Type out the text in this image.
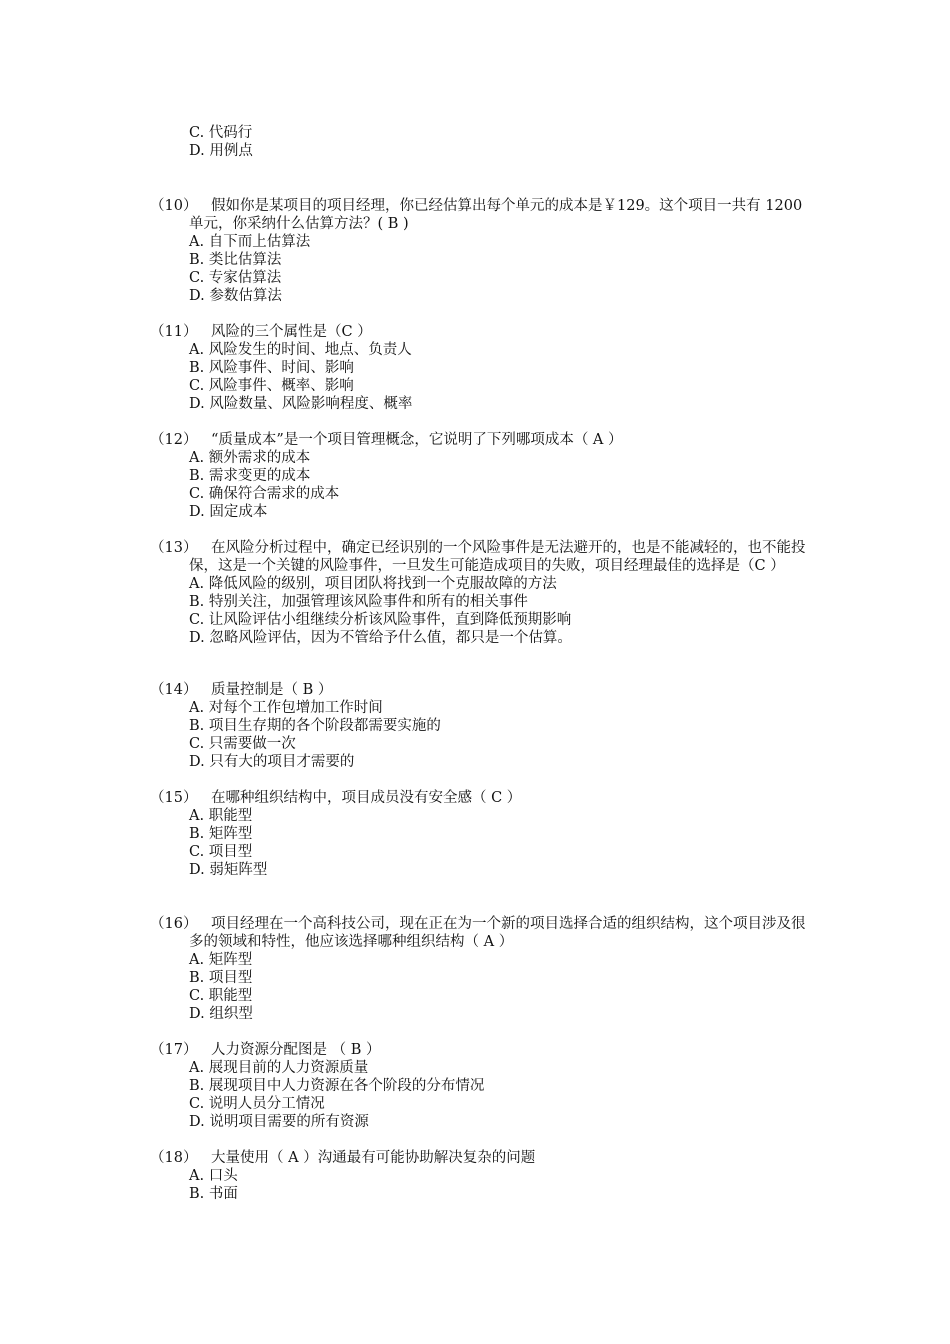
C. 代码行
D. 用例点
（10） 假如你是某项目的项目经理，你已经估算出每个单元的成本是￥129。这个项目一共有 1200 单元，你采纳什么估算方法？( B )
A. 自下而上估算法
B. 类比估算法
C. 专家估算法
D. 参数估算法
（11） 风险的三个属性是（C ）
A. 风险发生的时间、地点、负责人
B. 风险事件、时间、影响
C. 风险事件、概率、影响
D. 风险数量、风险影响程度、概率
（12） “质量成本”是一个项目管理概念，它说明了下列哪项成本（ A ）
A. 额外需求的成本
B. 需求变更的成本
C. 确保符合需求的成本
D. 固定成本
（13） 在风险分析过程中，确定已经识别的一个风险事件是无法避开的，也是不能减轻的，也不能投保，这是一个关键的风险事件，一旦发生可能造成项目的失败，项目经理最佳的选择是（C ）
A. 降低风险的级别，项目团队将找到一个克服故障的方法
B. 特别关注，加强管理该风险事件和所有的相关事件
C. 让风险评估小组继续分析该风险事件，直到降低预期影响
D. 忽略风险评估，因为不管给予什么值，都只是一个估算。
（14） 质量控制是（ B ）
A. 对每个工作包增加工作时间
B. 项目生存期的各个阶段都需要实施的
C. 只需要做一次
D. 只有大的项目才需要的
（15） 在哪种组织结构中，项目成员没有安全感（ C ）
A. 职能型
B. 矩阵型
C. 项目型
D. 弱矩阵型
（16） 项目经理在一个高科技公司，现在正在为一个新的项目选择合适的组织结构，这个项目涉及很多的领域和特性，他应该选择哪种组织结构（ A ）
A. 矩阵型
B. 项目型
C. 职能型
D. 组织型
（17） 人力资源分配图是 （ B ）
A. 展现目前的人力资源质量
B. 展现项目中人力资源在各个阶段的分布情况
C. 说明人员分工情况
D. 说明项目需要的所有资源
（18） 大量使用（ A ）沟通最有可能协助解决复杂的问题
A. 口头
B. 书面
